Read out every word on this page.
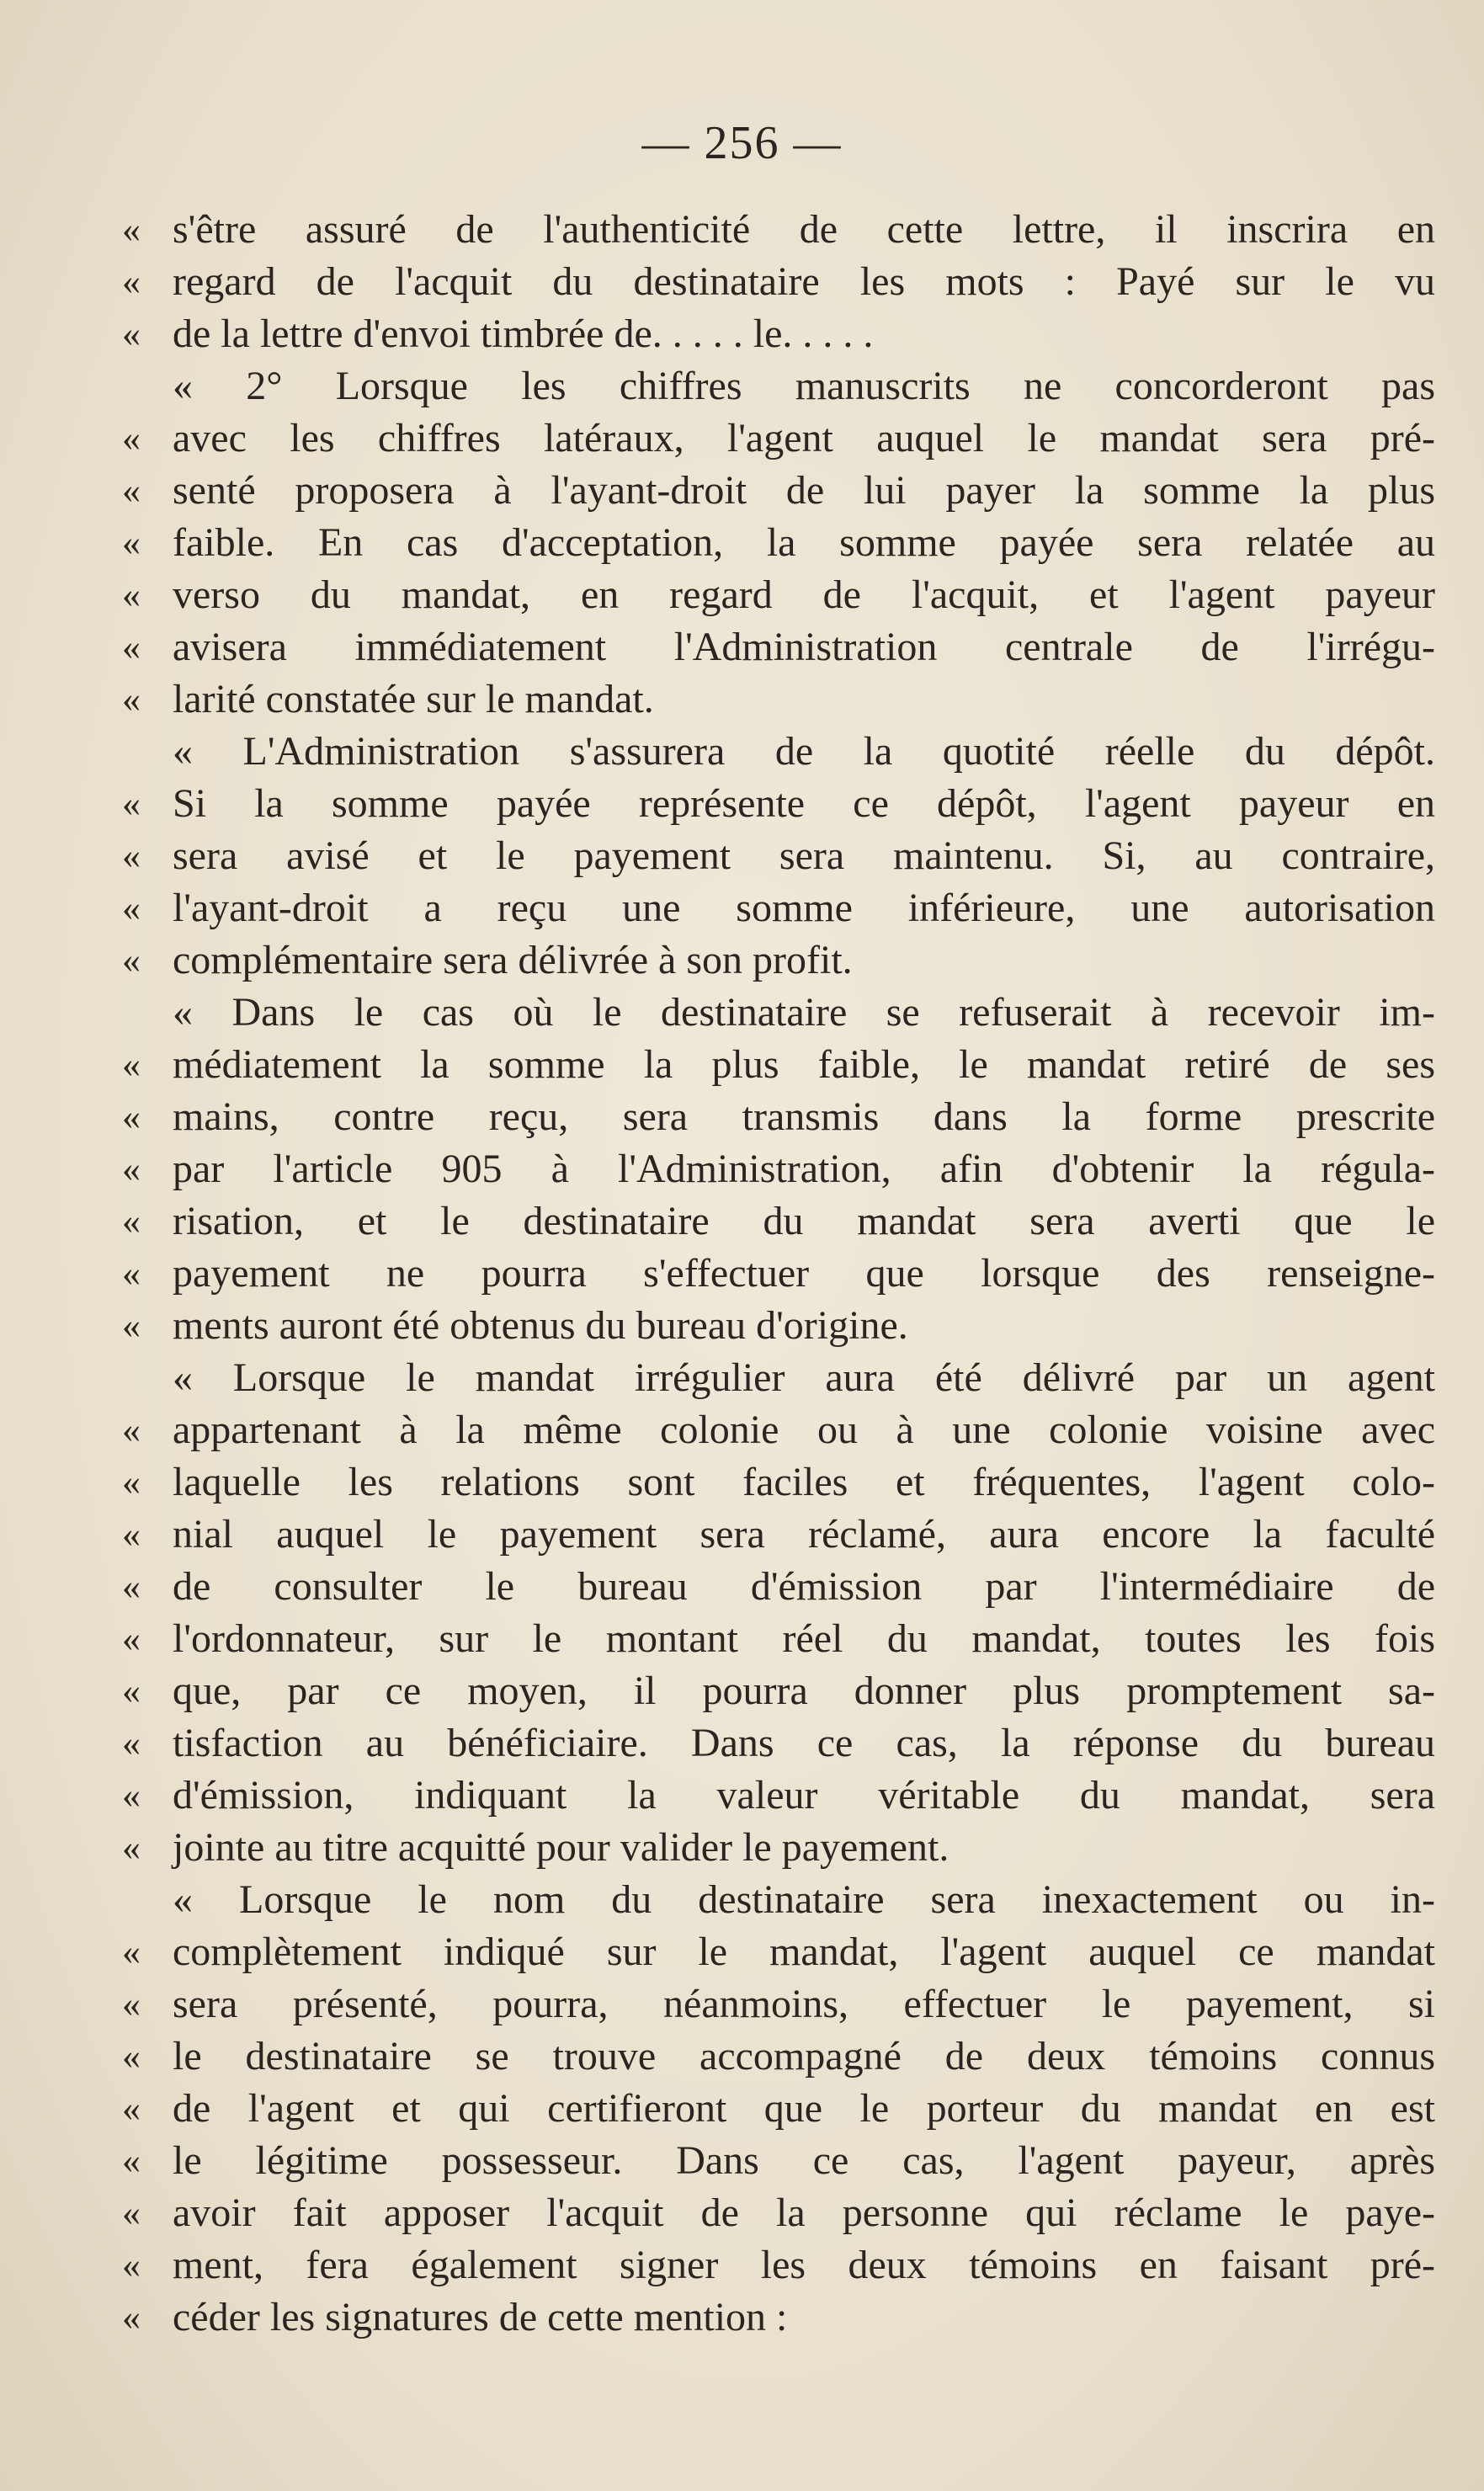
— 256 —
« s'être assuré de l'authenticité de cette lettre, il inscrira en
« regard de l'acquit du destinataire les mots : Payé sur le vu
« de la lettre d'envoi timbrée de. . . . . le. . . . .
« 2° Lorsque les chiffres manuscrits ne concorderont pas
« avec les chiffres latéraux, l'agent auquel le mandat sera pré-
« senté proposera à l'ayant-droit de lui payer la somme la plus
« faible. En cas d'acceptation, la somme payée sera relatée au
« verso du mandat, en regard de l'acquit, et l'agent payeur
« avisera immédiatement l'Administration centrale de l'irrégu-
« larité constatée sur le mandat.
« L'Administration s'assurera de la quotité réelle du dépôt.
« Si la somme payée représente ce dépôt, l'agent payeur en
« sera avisé et le payement sera maintenu. Si, au contraire,
« l'ayant-droit a reçu une somme inférieure, une autorisation
« complémentaire sera délivrée à son profit.
« Dans le cas où le destinataire se refuserait à recevoir im-
« médiatement la somme la plus faible, le mandat retiré de ses
« mains, contre reçu, sera transmis dans la forme prescrite
« par l'article 905 à l'Administration, afin d'obtenir la régula-
« risation, et le destinataire du mandat sera averti que le
« payement ne pourra s'effectuer que lorsque des renseigne-
« ments auront été obtenus du bureau d'origine.
« Lorsque le mandat irrégulier aura été délivré par un agent
« appartenant à la même colonie ou à une colonie voisine avec
« laquelle les relations sont faciles et fréquentes, l'agent colo-
« nial auquel le payement sera réclamé, aura encore la faculté
« de consulter le bureau d'émission par l'intermédiaire de
« l'ordonnateur, sur le montant réel du mandat, toutes les fois
« que, par ce moyen, il pourra donner plus promptement sa-
« tisfaction au bénéficiaire. Dans ce cas, la réponse du bureau
« d'émission, indiquant la valeur véritable du mandat, sera
« jointe au titre acquitté pour valider le payement.
« Lorsque le nom du destinataire sera inexactement ou in-
« complètement indiqué sur le mandat, l'agent auquel ce mandat
« sera présenté, pourra, néanmoins, effectuer le payement, si
« le destinataire se trouve accompagné de deux témoins connus
« de l'agent et qui certifieront que le porteur du mandat en est
« le légitime possesseur. Dans ce cas, l'agent payeur, après
« avoir fait apposer l'acquit de la personne qui réclame le paye-
« ment, fera également signer les deux témoins en faisant pré-
« céder les signatures de cette mention :
